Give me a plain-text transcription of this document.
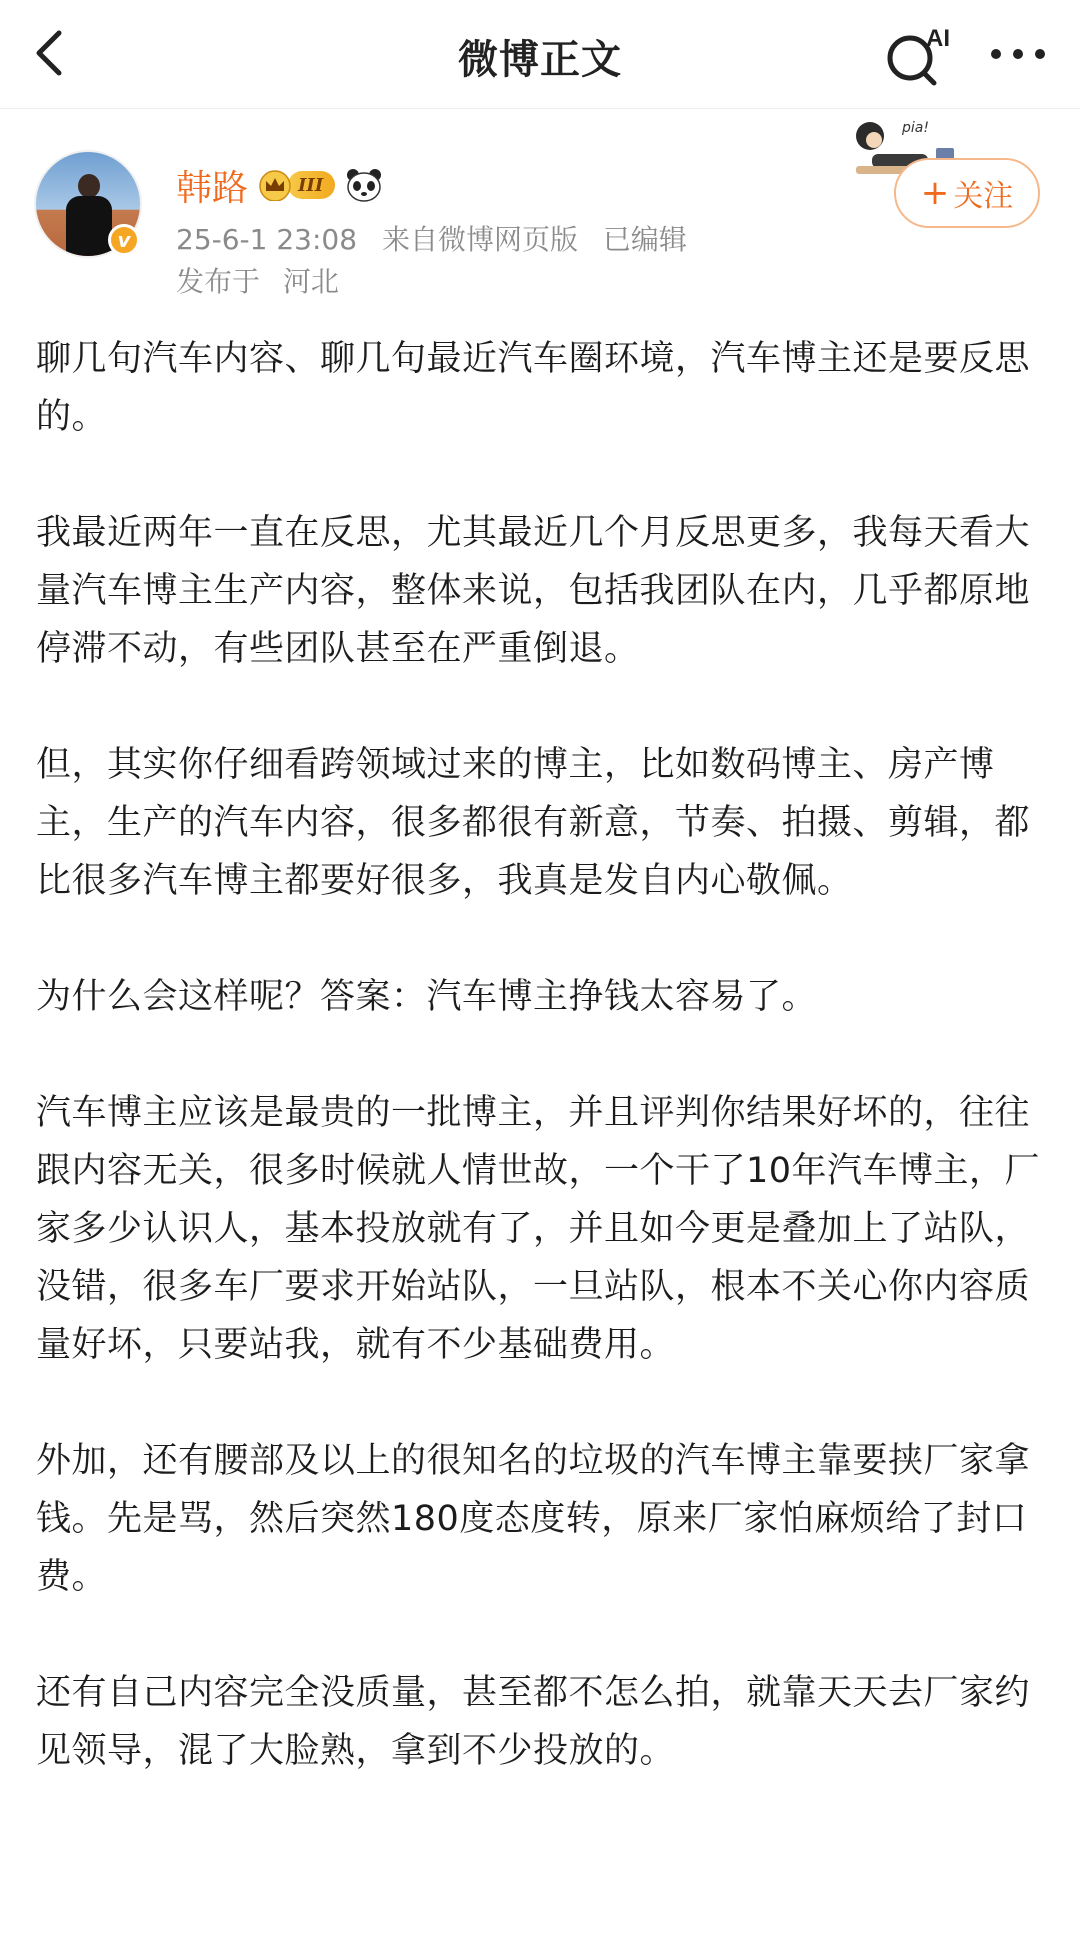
微博正文	AI
v
韩路	III
25-6-1 23:08 来自微博网页版 已编辑
发布于 河北
pia!
+ 关注

聊几句汽车内容、聊几句最近汽车圈环境，汽车博主还是要反思的。

我最近两年一直在反思，尤其最近几个月反思更多，我每天看大量汽车博主生产内容，整体来说，包括我团队在内，几乎都原地停滞不动，有些团队甚至在严重倒退。

但，其实你仔细看跨领域过来的博主，比如数码博主、房产博主，生产的汽车内容，很多都很有新意，节奏、拍摄、剪辑，都比很多汽车博主都要好很多，我真是发自内心敬佩。

为什么会这样呢？答案：汽车博主挣钱太容易了。

汽车博主应该是最贵的一批博主，并且评判你结果好坏的，往往跟内容无关，很多时候就人情世故，一个干了10年汽车博主，厂家多少认识人，基本投放就有了，并且如今更是叠加上了站队，没错，很多车厂要求开始站队，一旦站队，根本不关心你内容质量好坏，只要站我，就有不少基础费用。

外加，还有腰部及以上的很知名的垃圾的汽车博主靠要挟厂家拿钱。先是骂，然后突然180度态度转，原来厂家怕麻烦给了封口费。

还有自己内容完全没质量，甚至都不怎么拍，就靠天天去厂家约见领导，混了大脸熟，拿到不少投放的。
